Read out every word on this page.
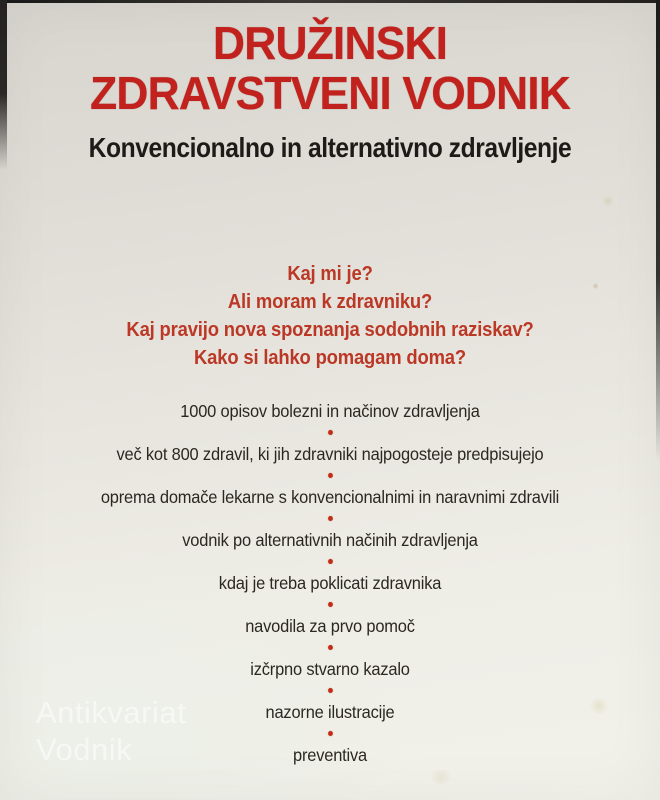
DRUŽINSKI
ZDRAVSTVENI VODNIK
Konvencionalno in alternativno zdravljenje
Kaj mi je?
Ali moram k zdravniku?
Kaj pravijo nova spoznanja sodobnih raziskav?
Kako si lahko pomagam doma?
1000 opisov bolezni in načinov zdravljenja
več kot 800 zdravil, ki jih zdravniki najpogosteje predpisujejo
oprema domače lekarne s konvencionalnimi in naravnimi zdravili
vodnik po alternativnih načinih zdravljenja
kdaj je treba poklicati zdravnika
navodila za prvo pomoč
izčrpno stvarno kazalo
nazorne ilustracije
preventiva
Antikvariat
Vodnik
